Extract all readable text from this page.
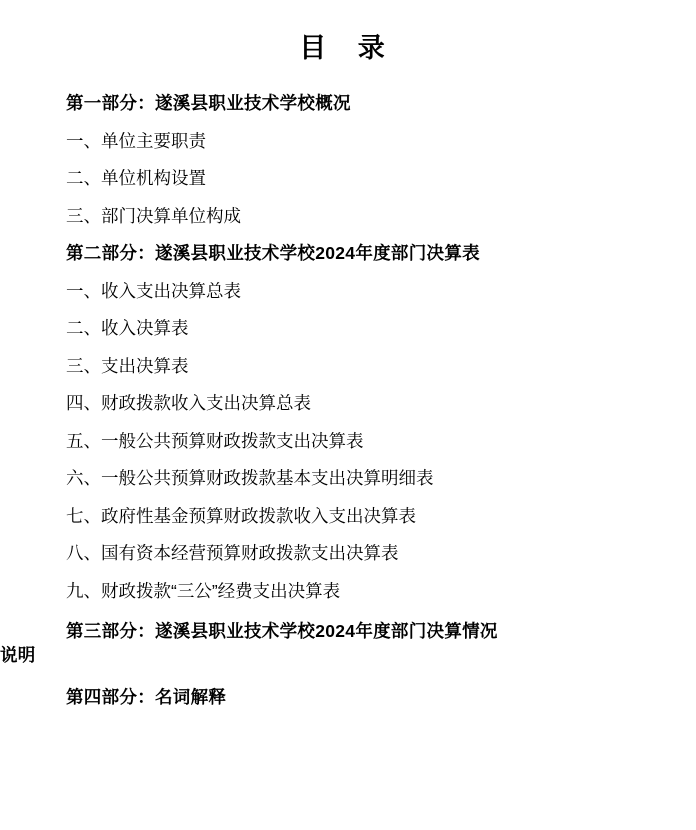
目 录
第一部分：遂溪县职业技术学校概况
一、单位主要职责
二、单位机构设置
三、部门决算单位构成
第二部分：遂溪县职业技术学校2024年度部门决算表
一、收入支出决算总表
二、收入决算表
三、支出决算表
四、财政拨款收入支出决算总表
五、一般公共预算财政拨款支出决算表
六、一般公共预算财政拨款基本支出决算明细表
七、政府性基金预算财政拨款收入支出决算表
八、国有资本经营预算财政拨款支出决算表
九、财政拨款“三公”经费支出决算表
第三部分：遂溪县职业技术学校2024年度部门决算情况
说明
第四部分：名词解释
